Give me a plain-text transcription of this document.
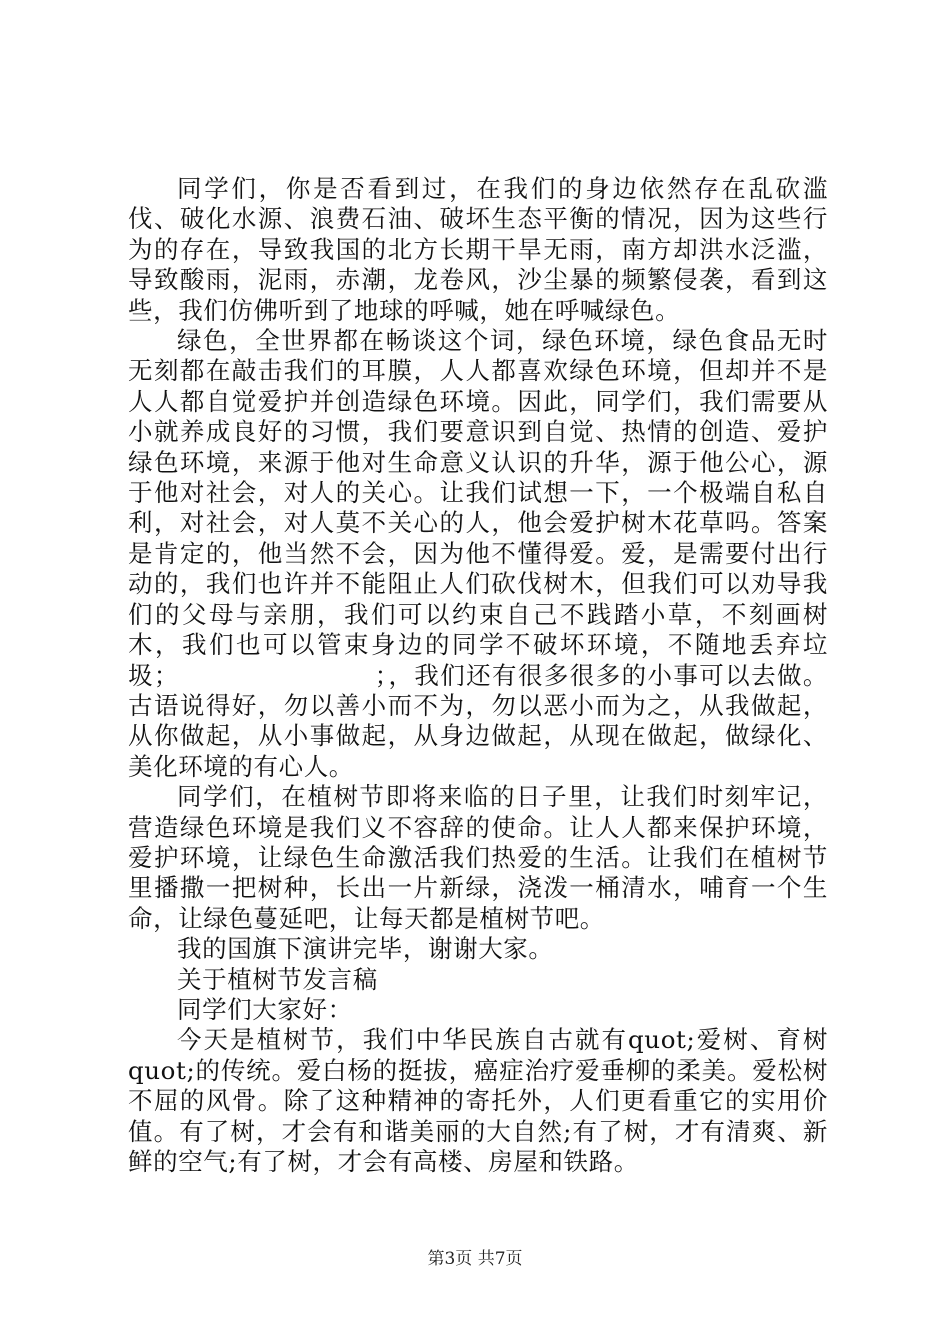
同学们，你是否看到过，在我们的身边依然存在乱砍滥伐、破化水源、浪费石油、破坏生态平衡的情况，因为这些行为的存在，导致我国的北方长期干旱无雨，南方却洪水泛滥，导致酸雨，泥雨，赤潮，龙卷风，沙尘暴的频繁侵袭，看到这些，我们仿佛听到了地球的呼喊，她在呼喊绿色。

绿色，全世界都在畅谈这个词，绿色环境，绿色食品无时无刻都在敲击我们的耳膜，人人都喜欢绿色环境，但却并不是人人都自觉爱护并创造绿色环境。因此，同学们，我们需要从小就养成良好的习惯，我们要意识到自觉、热情的创造、爱护绿色环境，来源于他对生命意义认识的升华，源于他公心，源于他对社会，对人的关心。让我们试想一下，一个极端自私自利，对社会，对人莫不关心的人，他会爱护树木花草吗。答案是肯定的，他当然不会，因为他不懂得爱。爱，是需要付出行动的，我们也许并不能阻止人们砍伐树木，但我们可以劝导我们的父母与亲朋，我们可以约束自己不践踏小草，不刻画树木，我们也可以管束身边的同学不破坏环境，不随地丢弃垃圾；　　　　　　　　；，我们还有很多很多的小事可以去做。古语说得好，勿以善小而不为，勿以恶小而为之，从我做起，从你做起，从小事做起，从身边做起，从现在做起，做绿化、美化环境的有心人。

同学们，在植树节即将来临的日子里，让我们时刻牢记，营造绿色环境是我们义不容辞的使命。让人人都来保护环境，爱护环境，让绿色生命激活我们热爱的生活。让我们在植树节里播撒一把树种，长出一片新绿，浇泼一桶清水，哺育一个生命，让绿色蔓延吧，让每天都是植树节吧。

我的国旗下演讲完毕，谢谢大家。

关于植树节发言稿

同学们大家好：

今天是植树节，我们中华民族自古就有quot;爱树、育树quot;的传统。爱白杨的挺拔，癌症治疗爱垂柳的柔美。爱松树不屈的风骨。除了这种精神的寄托外，人们更看重它的实用价值。有了树，才会有和谐美丽的大自然;有了树，才有清爽、新鲜的空气;有了树，才会有高楼、房屋和铁路。

第3页 共7页
